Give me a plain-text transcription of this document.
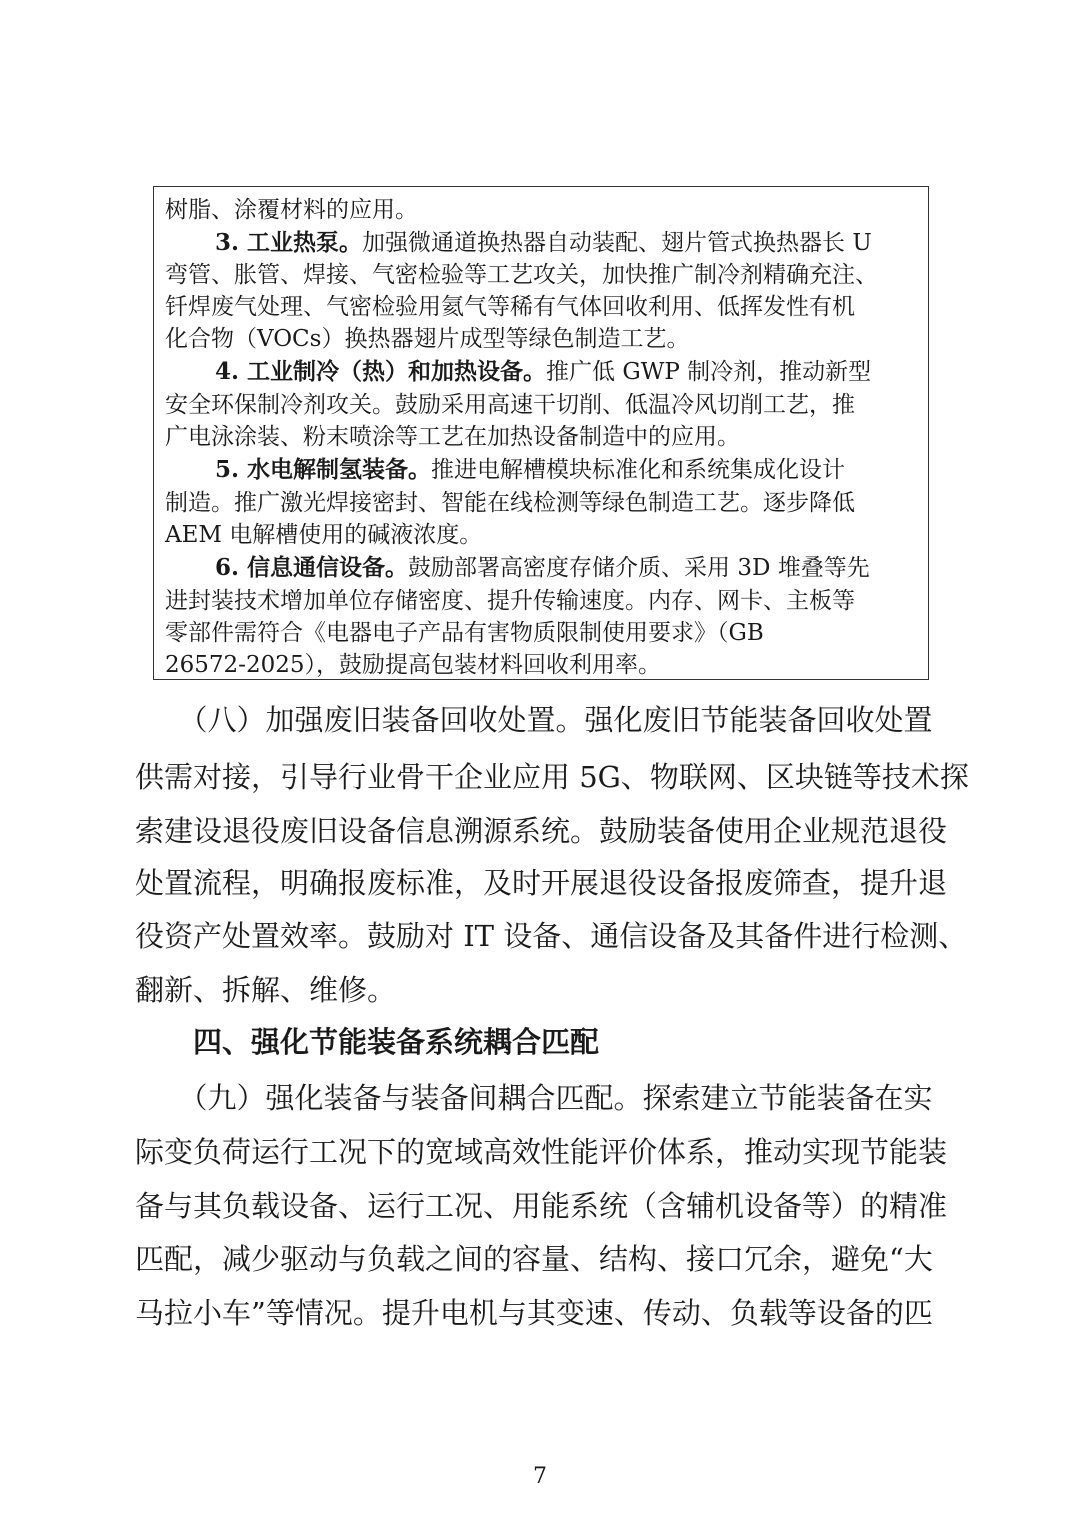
树脂、涂覆材料的应用。
3. 工业热泵。加强微通道换热器自动装配、翅片管式换热器长 U
弯管、胀管、焊接、气密检验等工艺攻关，加快推广制冷剂精确充注、
钎焊废气处理、气密检验用氦气等稀有气体回收利用、低挥发性有机
化合物（VOCs）换热器翅片成型等绿色制造工艺。
4. 工业制冷（热）和加热设备。推广低 GWP 制冷剂，推动新型
安全环保制冷剂攻关。鼓励采用高速干切削、低温冷风切削工艺，推
广电泳涂装、粉末喷涂等工艺在加热设备制造中的应用。
5. 水电解制氢装备。推进电解槽模块标准化和系统集成化设计
制造。推广激光焊接密封、智能在线检测等绿色制造工艺。逐步降低
AEM 电解槽使用的碱液浓度。
6. 信息通信设备。鼓励部署高密度存储介质、采用 3D 堆叠等先
进封装技术增加单位存储密度、提升传输速度。内存、网卡、主板等
零部件需符合《电器电子产品有害物质限制使用要求》（GB
26572-2025），鼓励提高包装材料回收利用率。
　　（八）加强废旧装备回收处置。强化废旧节能装备回收处置
供需对接，引导行业骨干企业应用 5G、物联网、区块链等技术探
索建设退役废旧设备信息溯源系统。鼓励装备使用企业规范退役
处置流程，明确报废标准，及时开展退役设备报废筛查，提升退
役资产处置效率。鼓励对 IT 设备、通信设备及其备件进行检测、
翻新、拆解、维修。
四、强化节能装备系统耦合匹配
　　（九）强化装备与装备间耦合匹配。探索建立节能装备在实
际变负荷运行工况下的宽域高效性能评价体系，推动实现节能装
备与其负载设备、运行工况、用能系统（含辅机设备等）的精准
匹配，减少驱动与负载之间的容量、结构、接口冗余，避免“大
马拉小车”等情况。提升电机与其变速、传动、负载等设备的匹
7
